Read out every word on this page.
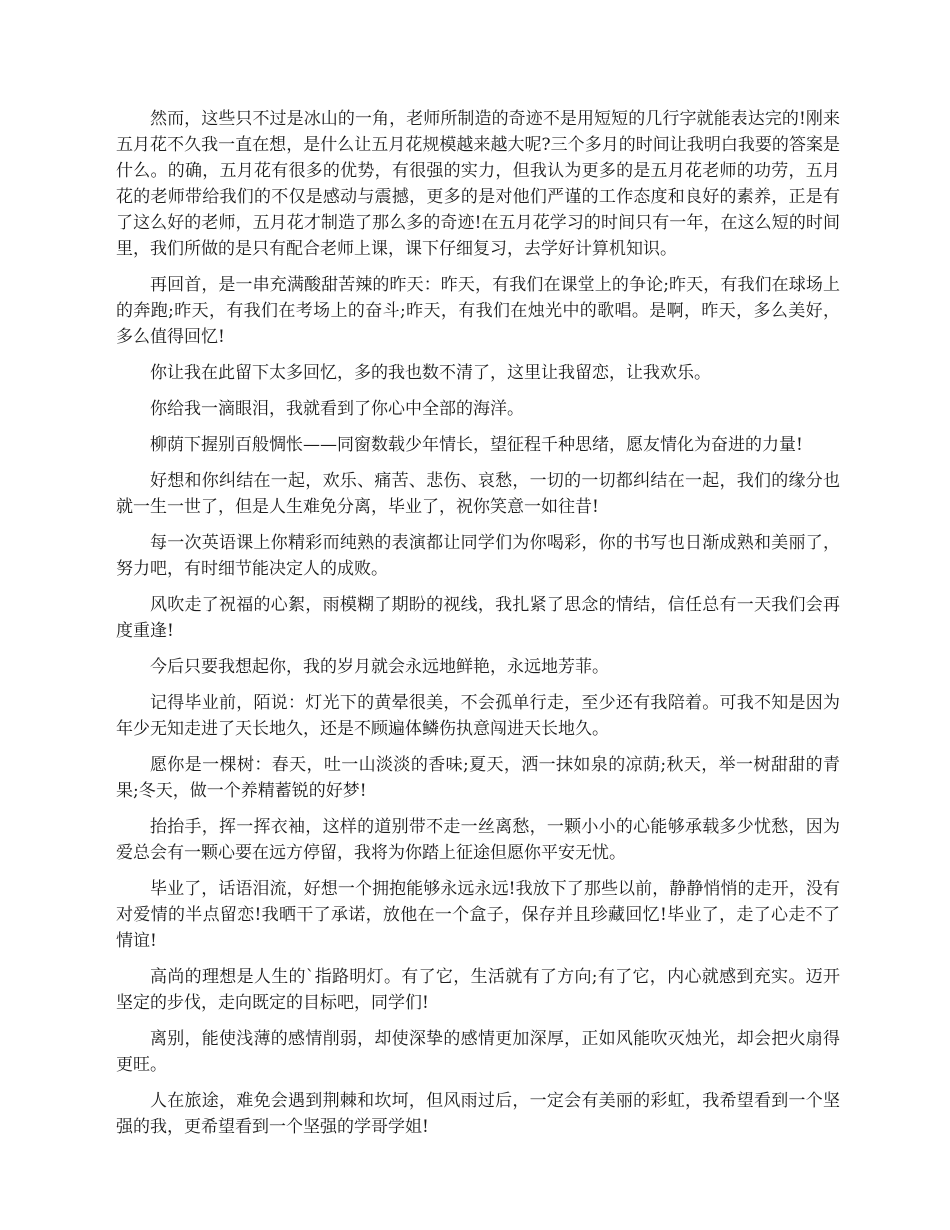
然而，这些只不过是冰山的一角，老师所制造的奇迹不是用短短的几行字就能表达完的!刚来五月花不久我一直在想，是什么让五月花规模越来越大呢?三个多月的时间让我明白我要的答案是什么。的确，五月花有很多的优势，有很强的实力，但我认为更多的是五月花老师的功劳，五月花的老师带给我们的不仅是感动与震撼，更多的是对他们严谨的工作态度和良好的素养，正是有了这么好的老师，五月花才制造了那么多的奇迹!在五月花学习的时间只有一年，在这么短的时间里，我们所做的是只有配合老师上课，课下仔细复习，去学好计算机知识。

再回首，是一串充满酸甜苦辣的昨天：昨天，有我们在课堂上的争论;昨天，有我们在球场上的奔跑;昨天，有我们在考场上的奋斗;昨天，有我们在烛光中的歌唱。是啊，昨天，多么美好，多么值得回忆!

你让我在此留下太多回忆，多的我也数不清了，这里让我留恋，让我欢乐。

你给我一滴眼泪，我就看到了你心中全部的海洋。

柳荫下握别百般惆怅——同窗数载少年情长，望征程千种思绪，愿友情化为奋进的力量!

好想和你纠结在一起，欢乐、痛苦、悲伤、哀愁，一切的一切都纠结在一起，我们的缘分也就一生一世了，但是人生难免分离，毕业了，祝你笑意一如往昔!

每一次英语课上你精彩而纯熟的表演都让同学们为你喝彩，你的书写也日渐成熟和美丽了，努力吧，有时细节能决定人的成败。

风吹走了祝福的心絮，雨模糊了期盼的视线，我扎紧了思念的情结，信任总有一天我们会再度重逢!

今后只要我想起你，我的岁月就会永远地鲜艳，永远地芳菲。

记得毕业前，陌说：灯光下的黄晕很美，不会孤单行走，至少还有我陪着。可我不知是因为年少无知走进了天长地久，还是不顾遍体鳞伤执意闯进天长地久。

愿你是一棵树：春天，吐一山淡淡的香味;夏天，洒一抹如泉的凉荫;秋天，举一树甜甜的青果;冬天，做一个养精蓄锐的好梦!

抬抬手，挥一挥衣袖，这样的道别带不走一丝离愁，一颗小小的心能够承载多少忧愁，因为爱总会有一颗心要在远方停留，我将为你踏上征途但愿你平安无忧。

毕业了，话语泪流，好想一个拥抱能够永远永远!我放下了那些以前，静静悄悄的走开，没有对爱情的半点留恋!我晒干了承诺，放他在一个盒子，保存并且珍藏回忆!毕业了，走了心走不了情谊!

高尚的理想是人生的`指路明灯。有了它，生活就有了方向;有了它，内心就感到充实。迈开坚定的步伐，走向既定的目标吧，同学们!

离别，能使浅薄的感情削弱，却使深挚的感情更加深厚，正如风能吹灭烛光，却会把火扇得更旺。

人在旅途，难免会遇到荆棘和坎坷，但风雨过后，一定会有美丽的彩虹，我希望看到一个坚强的我，更希望看到一个坚强的学哥学姐!
